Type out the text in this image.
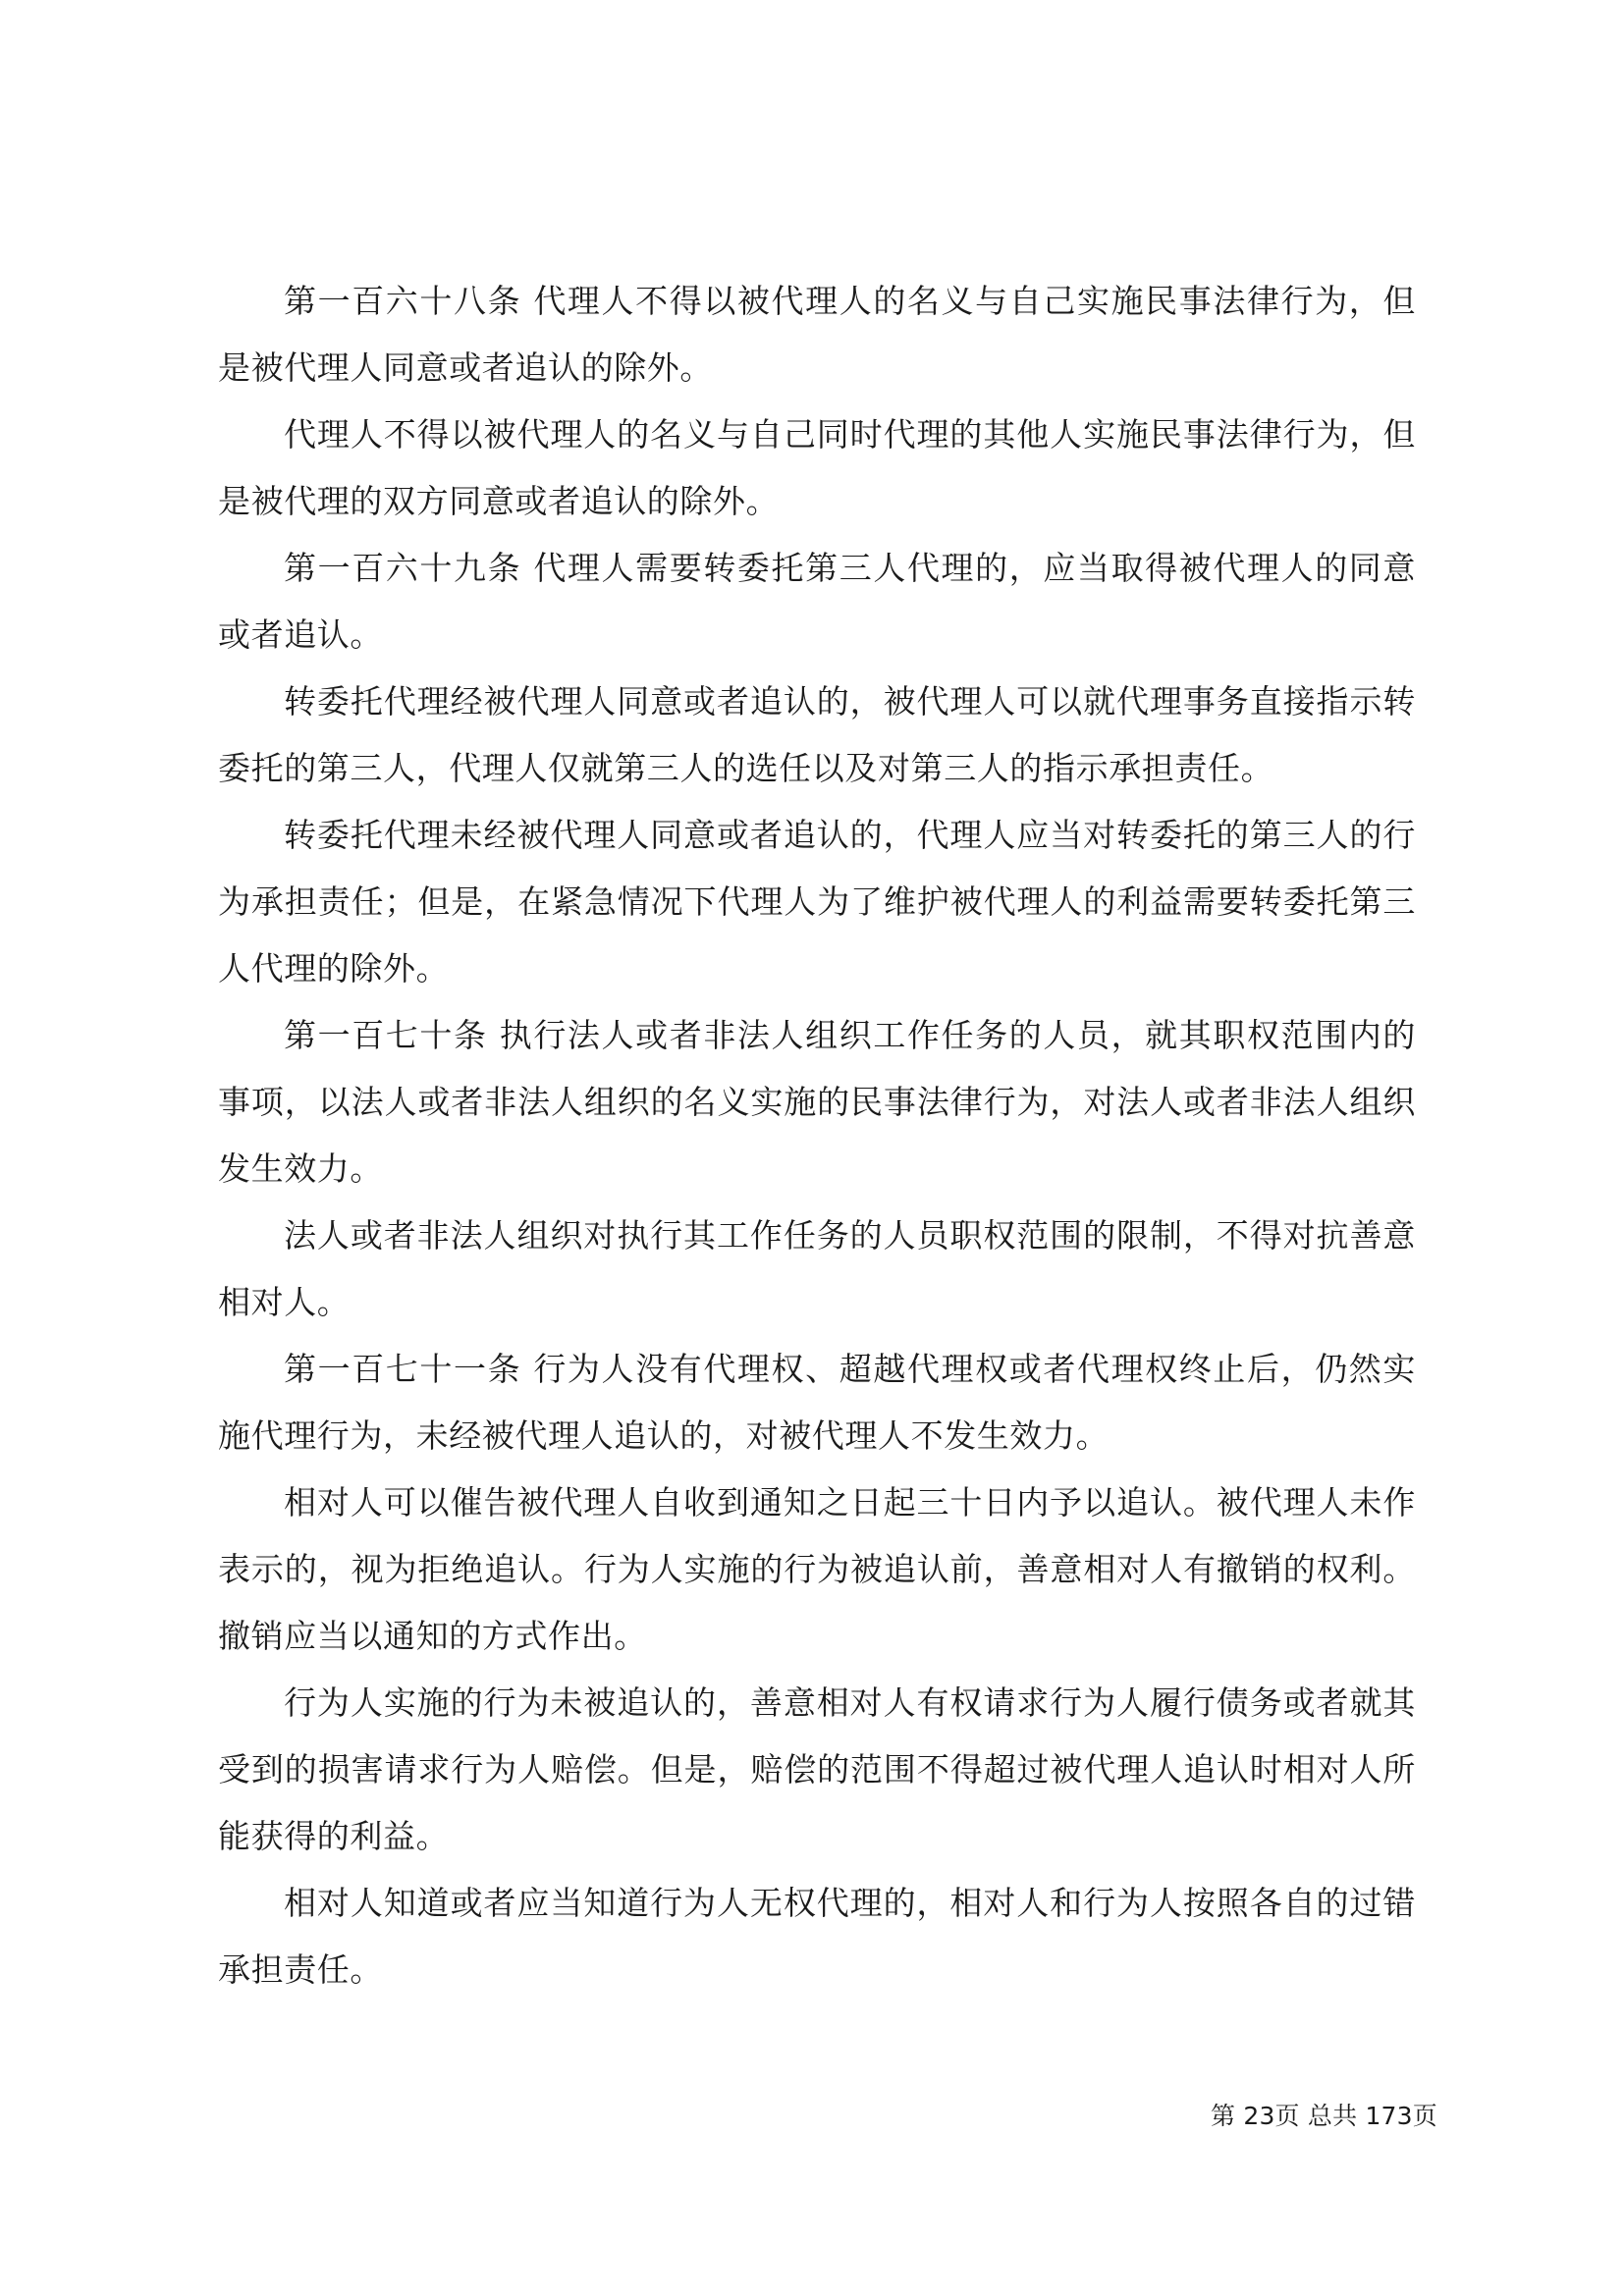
第一百六十八条 代理人不得以被代理人的名义与自己实施民事法律行为，但是被代理人同意或者追认的除外。

代理人不得以被代理人的名义与自己同时代理的其他人实施民事法律行为，但是被代理的双方同意或者追认的除外。

第一百六十九条 代理人需要转委托第三人代理的，应当取得被代理人的同意或者追认。

转委托代理经被代理人同意或者追认的，被代理人可以就代理事务直接指示转委托的第三人，代理人仅就第三人的选任以及对第三人的指示承担责任。

转委托代理未经被代理人同意或者追认的，代理人应当对转委托的第三人的行为承担责任；但是，在紧急情况下代理人为了维护被代理人的利益需要转委托第三人代理的除外。

第一百七十条 执行法人或者非法人组织工作任务的人员，就其职权范围内的事项，以法人或者非法人组织的名义实施的民事法律行为，对法人或者非法人组织发生效力。

法人或者非法人组织对执行其工作任务的人员职权范围的限制，不得对抗善意相对人。

第一百七十一条 行为人没有代理权、超越代理权或者代理权终止后，仍然实施代理行为，未经被代理人追认的，对被代理人不发生效力。

相对人可以催告被代理人自收到通知之日起三十日内予以追认。被代理人未作表示的，视为拒绝追认。行为人实施的行为被追认前，善意相对人有撤销的权利。撤销应当以通知的方式作出。

行为人实施的行为未被追认的，善意相对人有权请求行为人履行债务或者就其受到的损害请求行为人赔偿。但是，赔偿的范围不得超过被代理人追认时相对人所能获得的利益。

相对人知道或者应当知道行为人无权代理的，相对人和行为人按照各自的过错承担责任。

第 23页 总共 173页
